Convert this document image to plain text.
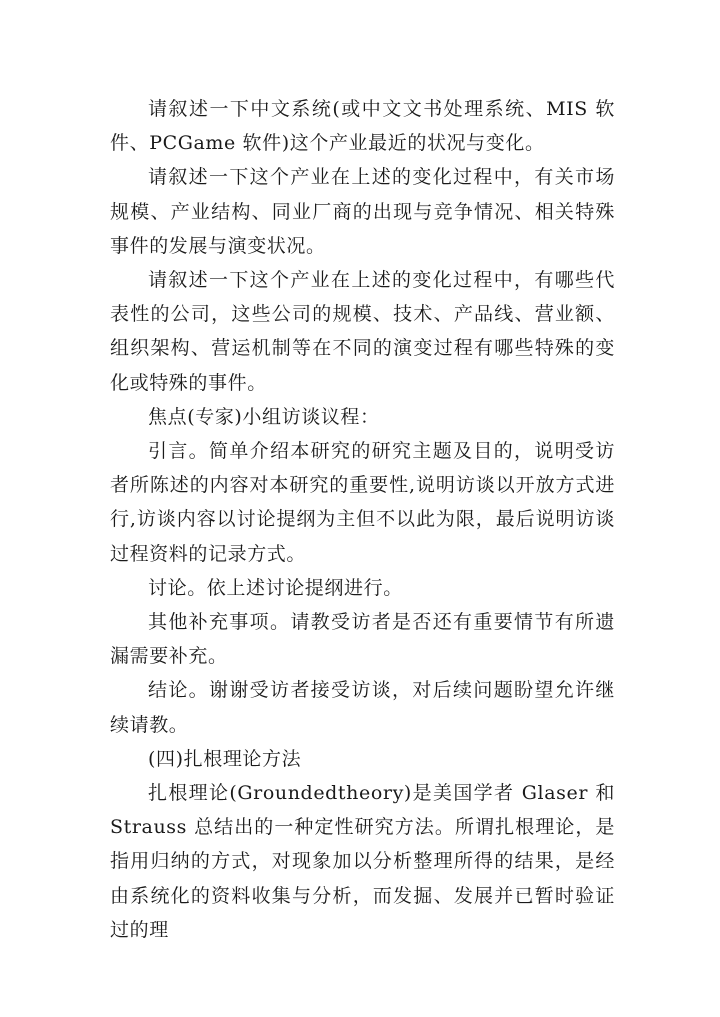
请叙述一下中文系统(或中文文书处理系统、MIS 软件、PCGame 软件)这个产业最近的状况与变化。

请叙述一下这个产业在上述的变化过程中，有关市场规模、产业结构、同业厂商的出现与竞争情况、相关特殊事件的发展与演变状况。

请叙述一下这个产业在上述的变化过程中，有哪些代表性的公司，这些公司的规模、技术、产品线、营业额、组织架构、营运机制等在不同的演变过程有哪些特殊的变化或特殊的事件。

焦点(专家)小组访谈议程：

引言。简单介绍本研究的研究主题及目的，说明受访者所陈述的内容对本研究的重要性,说明访谈以开放方式进行,访谈内容以讨论提纲为主但不以此为限，最后说明访谈过程资料的记录方式。

讨论。依上述讨论提纲进行。

其他补充事项。请教受访者是否还有重要情节有所遗漏需要补充。

结论。谢谢受访者接受访谈，对后续问题盼望允许继续请教。

(四)扎根理论方法

扎根理论(Groundedtheory)是美国学者 Glaser 和 Strauss 总结出的一种定性研究方法。所谓扎根理论，是指用归纳的方式，对现象加以分析整理所得的结果，是经由系统化的资料收集与分析，而发掘、发展并已暂时验证过的理
